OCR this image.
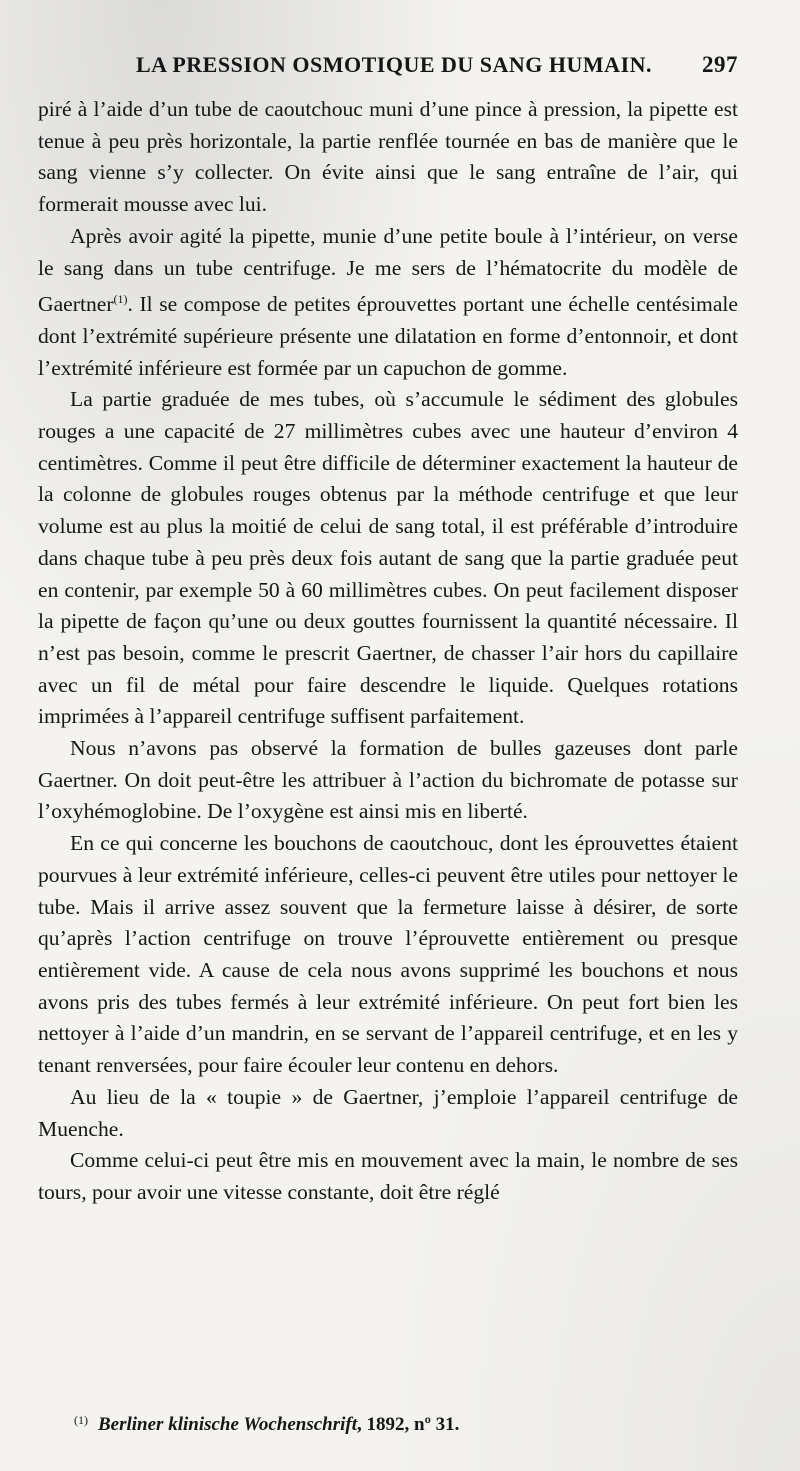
LA PRESSION OSMOTIQUE DU SANG HUMAIN. 297

piré à l’aide d’un tube de caoutchouc muni d’une pince à pression, la pipette est tenue à peu près horizontale, la partie renflée tournée en bas de manière que le sang vienne s’y collecter. On évite ainsi que le sang entraîne de l’air, qui formerait mousse avec lui.

Après avoir agité la pipette, munie d’une petite boule à l’intérieur, on verse le sang dans un tube centrifuge. Je me sers de l’hématocrite du modèle de Gaertner$^{(1)}$. Il se compose de petites éprouvettes portant une échelle centésimale dont l’extrémité supérieure présente une dilatation en forme d’entonnoir, et dont l’extrémité inférieure est formée par un capuchon de gomme.

La partie graduée de mes tubes, où s’accumule le sédiment des globules rouges a une capacité de 27 millimètres cubes avec une hauteur d’environ 4 centimètres. Comme il peut être difficile de déterminer exactement la hauteur de la colonne de globules rouges obtenus par la méthode centrifuge et que leur volume est au plus la moitié de celui de sang total, il est préférable d’introduire dans chaque tube à peu près deux fois autant de sang que la partie graduée peut en contenir, par exemple 50 à 60 millimètres cubes. On peut facilement disposer la pipette de façon qu’une ou deux gouttes fournissent la quantité nécessaire. Il n’est pas besoin, comme le prescrit Gaertner, de chasser l’air hors du capillaire avec un fil de métal pour faire descendre le liquide. Quelques rotations imprimées à l’appareil centrifuge suffisent parfaitement.

Nous n’avons pas observé la formation de bulles gazeuses dont parle Gaertner. On doit peut-être les attribuer à l’action du bichromate de potasse sur l’oxyhémoglobine. De l’oxygène est ainsi mis en liberté.

En ce qui concerne les bouchons de caoutchouc, dont les éprouvettes étaient pourvues à leur extrémité inférieure, celles-ci peuvent être utiles pour nettoyer le tube. Mais il arrive assez souvent que la fermeture laisse à désirer, de sorte qu’après l’action centrifuge on trouve l’éprouvette entièrement ou presque entièrement vide. A cause de cela nous avons supprimé les bouchons et nous avons pris des tubes fermés à leur extrémité inférieure. On peut fort bien les nettoyer à l’aide d’un mandrin, en se servant de l’appareil centrifuge, et en les y tenant renversées, pour faire écouler leur contenu en dehors.

Au lieu de la « toupie » de Gaertner, j’emploie l’appareil centrifuge de Muenche.

Comme celui-ci peut être mis en mouvement avec la main, le nombre de ses tours, pour avoir une vitesse constante, doit être réglé

$^{(1)}$ Berliner klinische Wochenschrift, 1892, nº 31.
